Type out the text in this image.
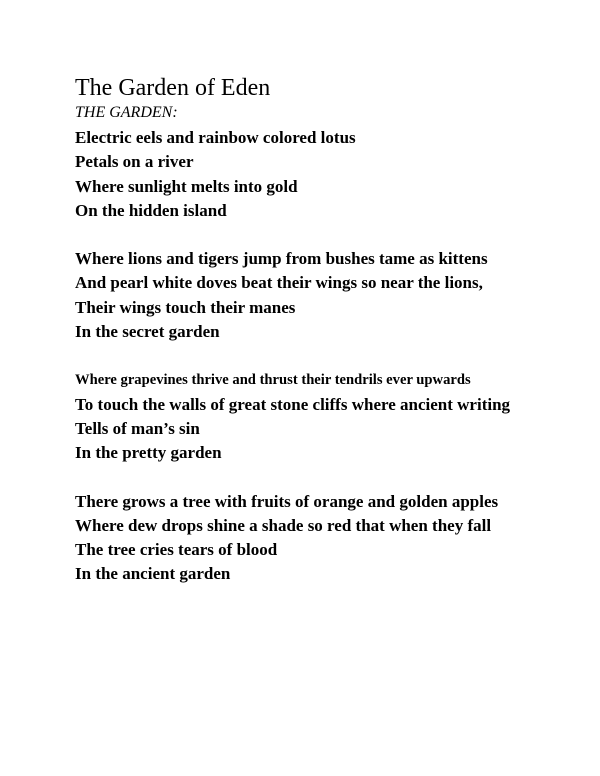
The Garden of Eden
THE GARDEN:
Electric eels and rainbow colored lotus
Petals on a river
Where sunlight melts into gold
On the hidden island
Where lions and tigers jump from bushes tame as kittens
And pearl white doves beat their wings so near the lions,
Their wings touch their manes
In the secret garden
Where grapevines thrive and thrust their tendrils ever upwards
To touch the walls of great stone cliffs where ancient writing
Tells of man’s sin
In the pretty garden
There grows a tree with fruits of orange and golden apples
Where dew drops shine a shade so red that when they fall
The tree cries tears of blood
In the ancient garden
